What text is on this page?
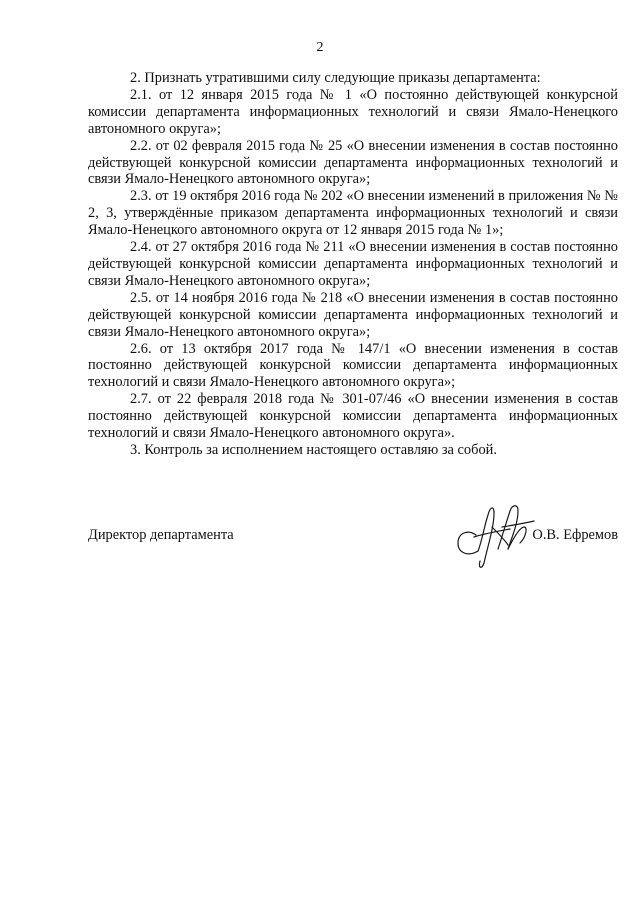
2

2. Признать утратившими силу следующие приказы департамента:

2.1. от 12 января 2015 года № 1 «О постоянно действующей конкурсной комиссии департамента информационных технологий и связи Ямало-Ненецкого автономного округа»;

2.2. от 02 февраля 2015 года № 25 «О внесении изменения в состав постоянно действующей конкурсной комиссии департамента информационных технологий и связи Ямало-Ненецкого автономного округа»;

2.3. от 19 октября 2016 года № 202 «О внесении изменений в приложения № № 2, 3, утверждённые приказом департамента информационных технологий и связи Ямало-Ненецкого автономного округа от 12 января 2015 года № 1»;

2.4. от 27 октября 2016 года № 211 «О внесении изменения в состав постоянно действующей конкурсной комиссии департамента информационных технологий и связи Ямало-Ненецкого автономного округа»;

2.5. от 14 ноября 2016 года № 218 «О внесении изменения в состав постоянно действующей конкурсной комиссии департамента информационных технологий и связи Ямало-Ненецкого автономного округа»;

2.6. от 13 октября 2017 года № 147/1 «О внесении изменения в состав постоянно действующей конкурсной комиссии департамента информационных технологий и связи Ямало-Ненецкого автономного округа»;

2.7. от 22 февраля 2018 года № 301-07/46 «О внесении изменения в состав постоянно действующей конкурсной комиссии департамента информационных технологий и связи Ямало-Ненецкого автономного округа».

3. Контроль за исполнением настоящего оставляю за собой.

Директор департамента	О.В. Ефремов
